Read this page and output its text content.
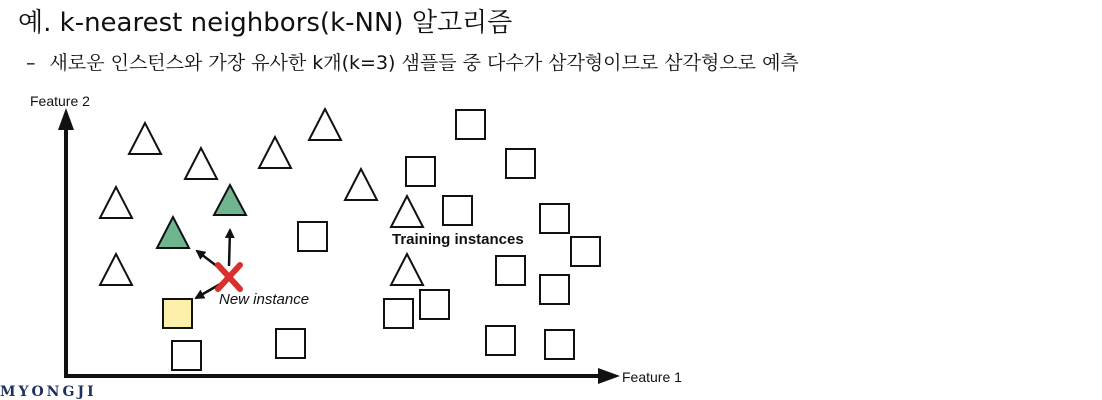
예. k-nearest neighbors(k-NN) 알고리즘
– 새로운 인스턴스와 가장 유사한 k개(k=3) 샘플들 중 다수가 삼각형이므로 삼각형으로 예측
Feature 2
Feature 1
Training instances
New instance
MYONGJI
